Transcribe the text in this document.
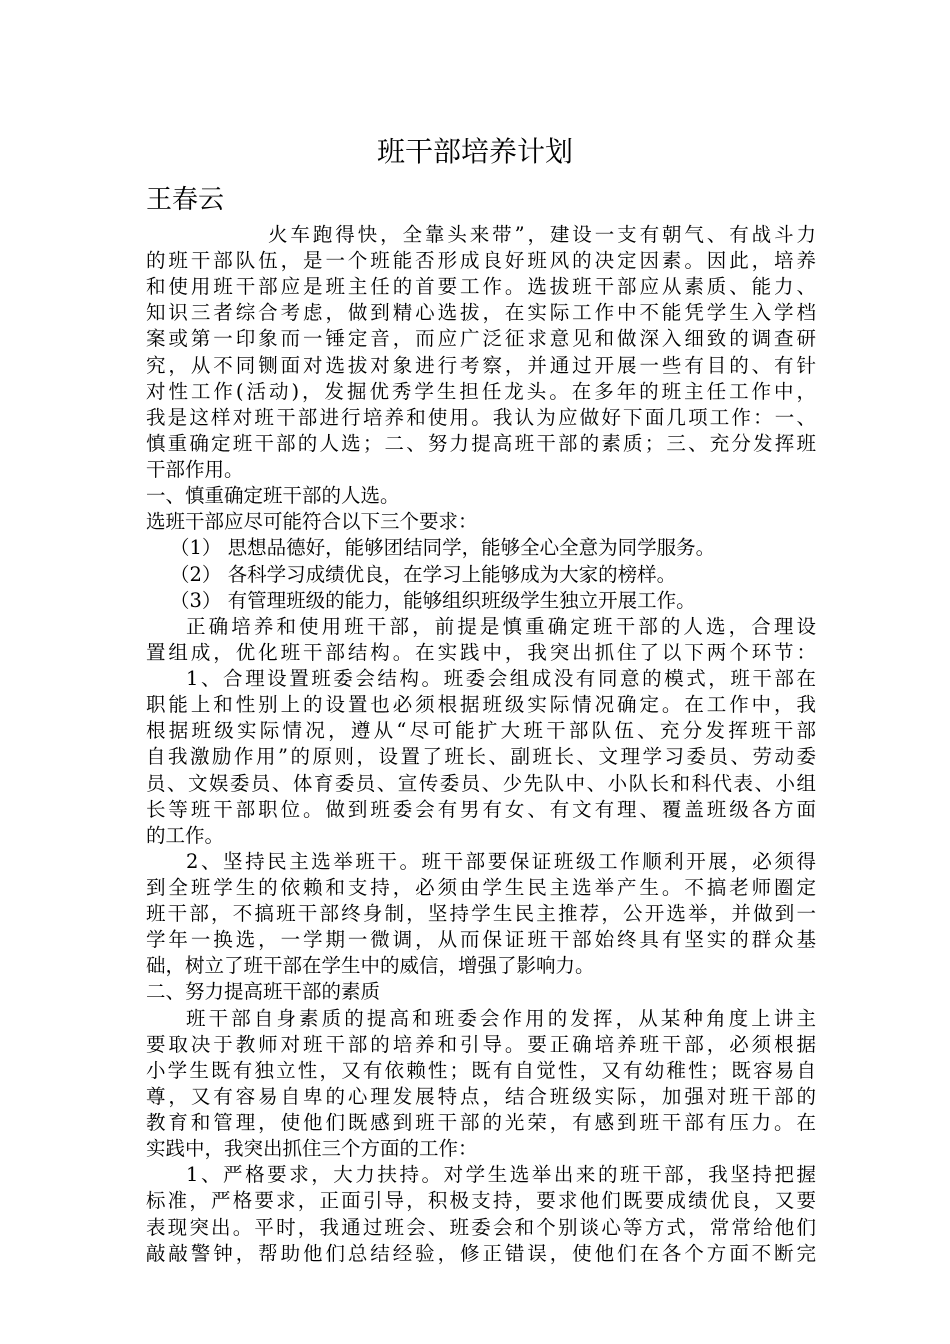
班干部培养计划
王春云
火车跑得快，全靠头来带”，建设一支有朝气、有战斗力
的班干部队伍，是一个班能否形成良好班风的决定因素。因此，培养
和使用班干部应是班主任的首要工作。选拔班干部应从素质、能力、
知识三者综合考虑，做到精心选拔，在实际工作中不能凭学生入学档
案或第一印象而一锤定音，而应广泛征求意见和做深入细致的调查研
究，从不同铡面对选拔对象进行考察，并通过开展一些有目的、有针
对性工作(活动)，发掘优秀学生担任龙头。在多年的班主任工作中，
我是这样对班干部进行培养和使用。我认为应做好下面几项工作：一、
慎重确定班干部的人选；二、努力提高班干部的素质；三、充分发挥班
干部作用。
一、慎重确定班干部的人选。
选班干部应尽可能符合以下三个要求：
（1） 思想品德好，能够团结同学，能够全心全意为同学服务。
（2） 各科学习成绩优良，在学习上能够成为大家的榜样。
（3） 有管理班级的能力，能够组织班级学生独立开展工作。
正确培养和使用班干部，前提是慎重确定班干部的人选，合理设
置组成，优化班干部结构。在实践中，我突出抓住了以下两个环节：
1、合理设置班委会结构。班委会组成没有同意的模式，班干部在
职能上和性别上的设置也必须根据班级实际情况确定。在工作中，我
根据班级实际情况，遵从“尽可能扩大班干部队伍、充分发挥班干部
自我激励作用”的原则，设置了班长、副班长、文理学习委员、劳动委
员、文娱委员、体育委员、宣传委员、少先队中、小队长和科代表、小组
长等班干部职位。做到班委会有男有女、有文有理、覆盖班级各方面
的工作。
2、坚持民主选举班干。班干部要保证班级工作顺利开展，必须得
到全班学生的依赖和支持，必须由学生民主选举产生。不搞老师圈定
班干部，不搞班干部终身制，坚持学生民主推荐，公开选举，并做到一
学年一换选，一学期一微调，从而保证班干部始终具有坚实的群众基
础，树立了班干部在学生中的威信，增强了影响力。
二、努力提高班干部的素质
班干部自身素质的提高和班委会作用的发挥，从某种角度上讲主
要取决于教师对班干部的培养和引导。要正确培养班干部，必须根据
小学生既有独立性，又有依赖性；既有自觉性，又有幼稚性；既容易自
尊，又有容易自卑的心理发展特点，结合班级实际，加强对班干部的
教育和管理，使他们既感到班干部的光荣，有感到班干部有压力。在
实践中，我突出抓住三个方面的工作：
1、严格要求，大力扶持。对学生选举出来的班干部，我坚持把握
标准，严格要求，正面引导，积极支持，要求他们既要成绩优良，又要
表现突出。平时，我通过班会、班委会和个别谈心等方式，常常给他们
敲敲警钟，帮助他们总结经验，修正错误，使他们在各个方面不断完
